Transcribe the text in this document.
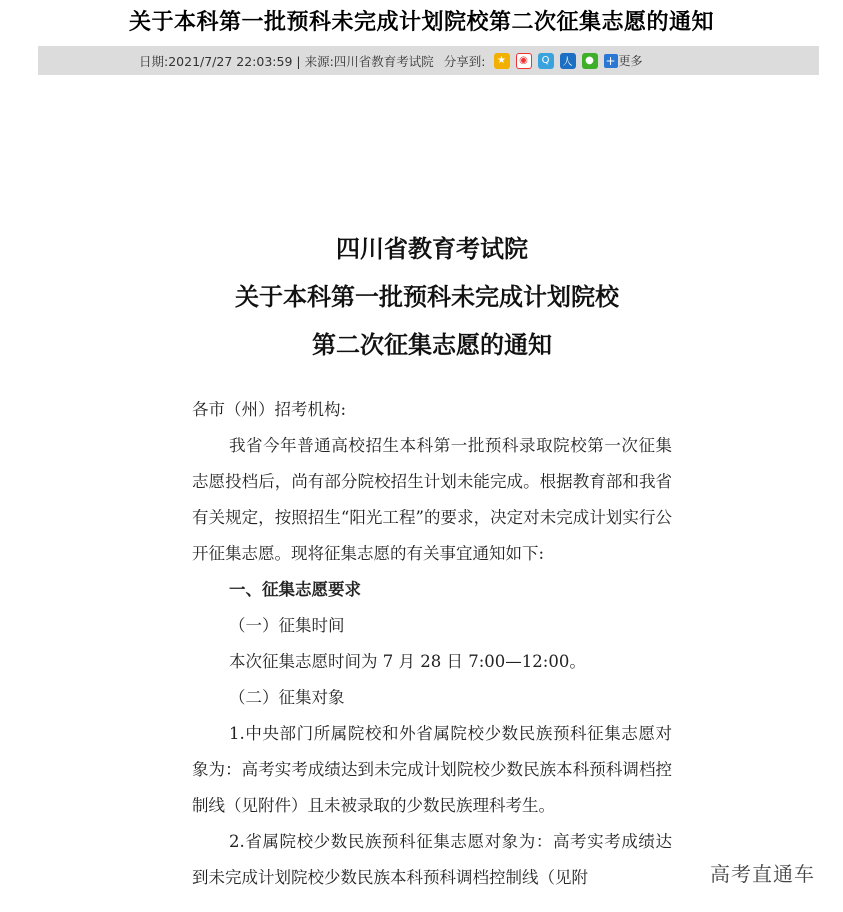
关于本科第一批预科未完成计划院校第二次征集志愿的通知
日期:2021/7/27 22:03:59 | 来源:四川省教育考试院 分享到:	★	◉	Q	人	● + 更多
四川省教育考试院
关于本科第一批预科未完成计划院校
第二次征集志愿的通知

各市（州）招考机构:

我省今年普通高校招生本科第一批预科录取院校第一次征集志愿投档后，尚有部分院校招生计划未能完成。根据教育部和我省有关规定，按照招生“阳光工程”的要求，决定对未完成计划实行公开征集志愿。现将征集志愿的有关事宜通知如下:

一、征集志愿要求

（一）征集时间

本次征集志愿时间为 7 月 28 日 7:00—12:00。

（二）征集对象

1.中央部门所属院校和外省属院校少数民族预科征集志愿对象为：高考实考成绩达到未完成计划院校少数民族本科预科调档控制线（见附件）且未被录取的少数民族理科考生。

2.省属院校少数民族预科征集志愿对象为：高考实考成绩达到未完成计划院校少数民族本科预科调档控制线（见附	高考直通车
